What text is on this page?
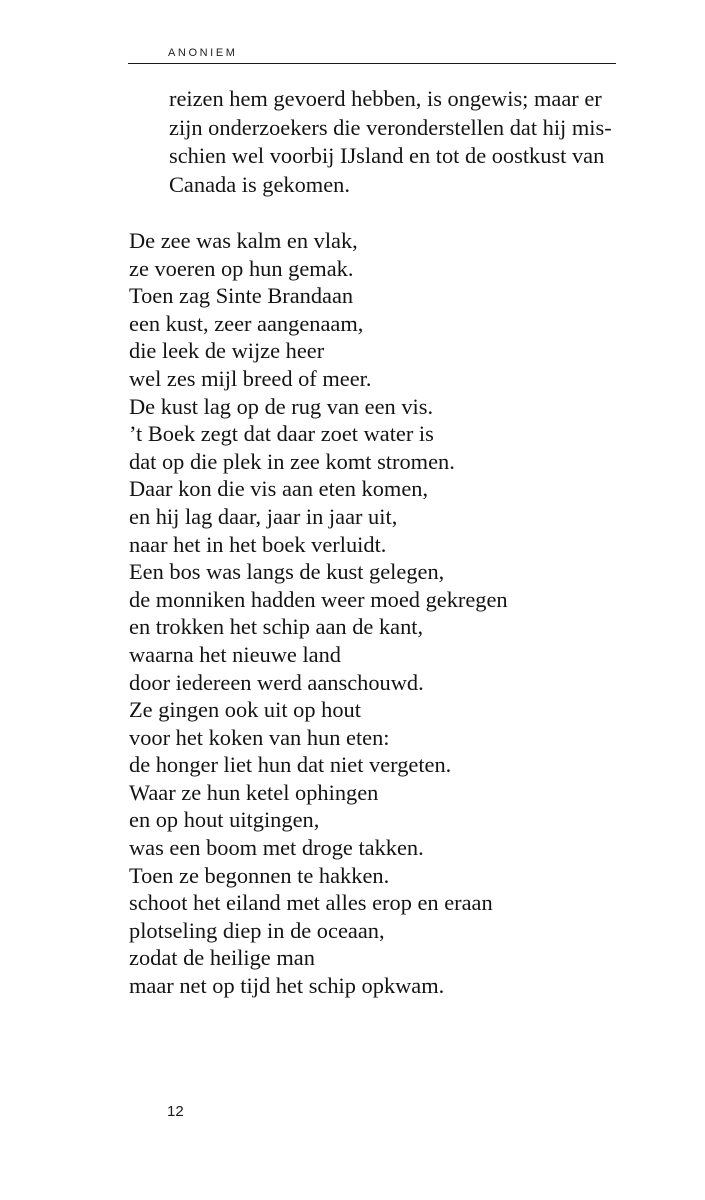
ANONIEM
reizen hem gevoerd hebben, is ongewis; maar er
zijn onderzoekers die veronderstellen dat hij mis-
schien wel voorbij IJsland en tot de oostkust van
Canada is gekomen.
De zee was kalm en vlak,
ze voeren op hun gemak.
Toen zag Sinte Brandaan
een kust, zeer aangenaam,
die leek de wijze heer
wel zes mijl breed of meer.
De kust lag op de rug van een vis.
’t Boek zegt dat daar zoet water is
dat op die plek in zee komt stromen.
Daar kon die vis aan eten komen,
en hij lag daar, jaar in jaar uit,
naar het in het boek verluidt.
Een bos was langs de kust gelegen,
de monniken hadden weer moed gekregen
en trokken het schip aan de kant,
waarna het nieuwe land
door iedereen werd aanschouwd.
Ze gingen ook uit op hout
voor het koken van hun eten:
de honger liet hun dat niet vergeten.
Waar ze hun ketel ophingen
en op hout uitgingen,
was een boom met droge takken.
Toen ze begonnen te hakken.
schoot het eiland met alles erop en eraan
plotseling diep in de oceaan,
zodat de heilige man
maar net op tijd het schip opkwam.
12
